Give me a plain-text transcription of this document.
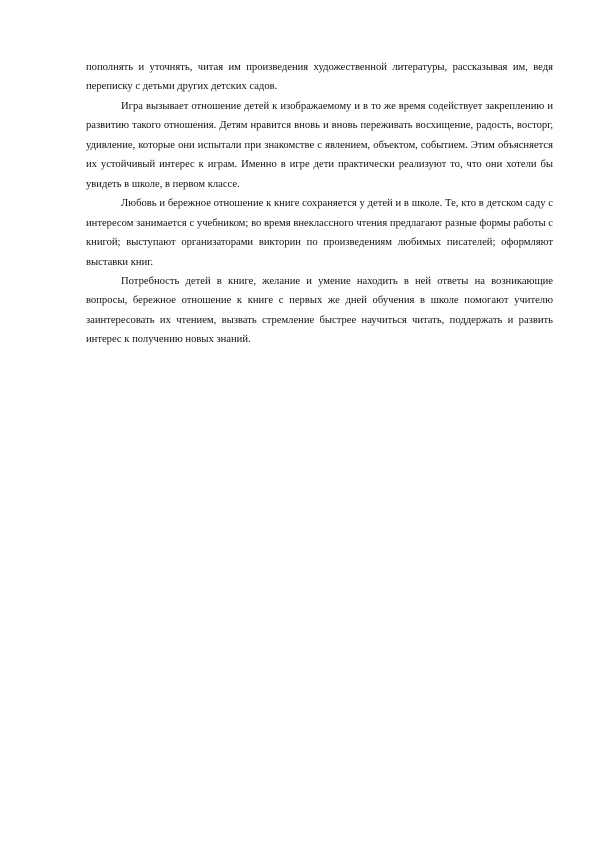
пополнять и уточнять, читая им произведения художественной литературы, рассказывая им, ведя переписку с детьми других детских садов.

Игра вызывает отношение детей к изображаемому и в то же время содействует закреплению и развитию такого отношения. Детям нравится вновь и вновь переживать восхищение, радость, восторг, удивление, которые они испытали при знакомстве с явлением, объектом, событием. Этим объясняется их устойчивый интерес к играм. Именно в игре дети практически реализуют то, что они хотели бы увидеть в школе, в первом классе.

Любовь и бережное отношение к книге сохраняется у детей и в школе. Те, кто в детском саду с интересом занимается с учебником; во время внеклассного чтения предлагают разные формы работы с книгой; выступают организаторами викторин по произведениям любимых писателей; оформляют выставки книг.

Потребность детей в книге, желание и умение находить в ней ответы на возникающие вопросы, бережное отношение к книге с первых же дней обучения в школе помогают учителю заинтересовать их чтением, вызвать стремление быстрее научиться читать, поддержать и развить интерес к получению новых знаний.
